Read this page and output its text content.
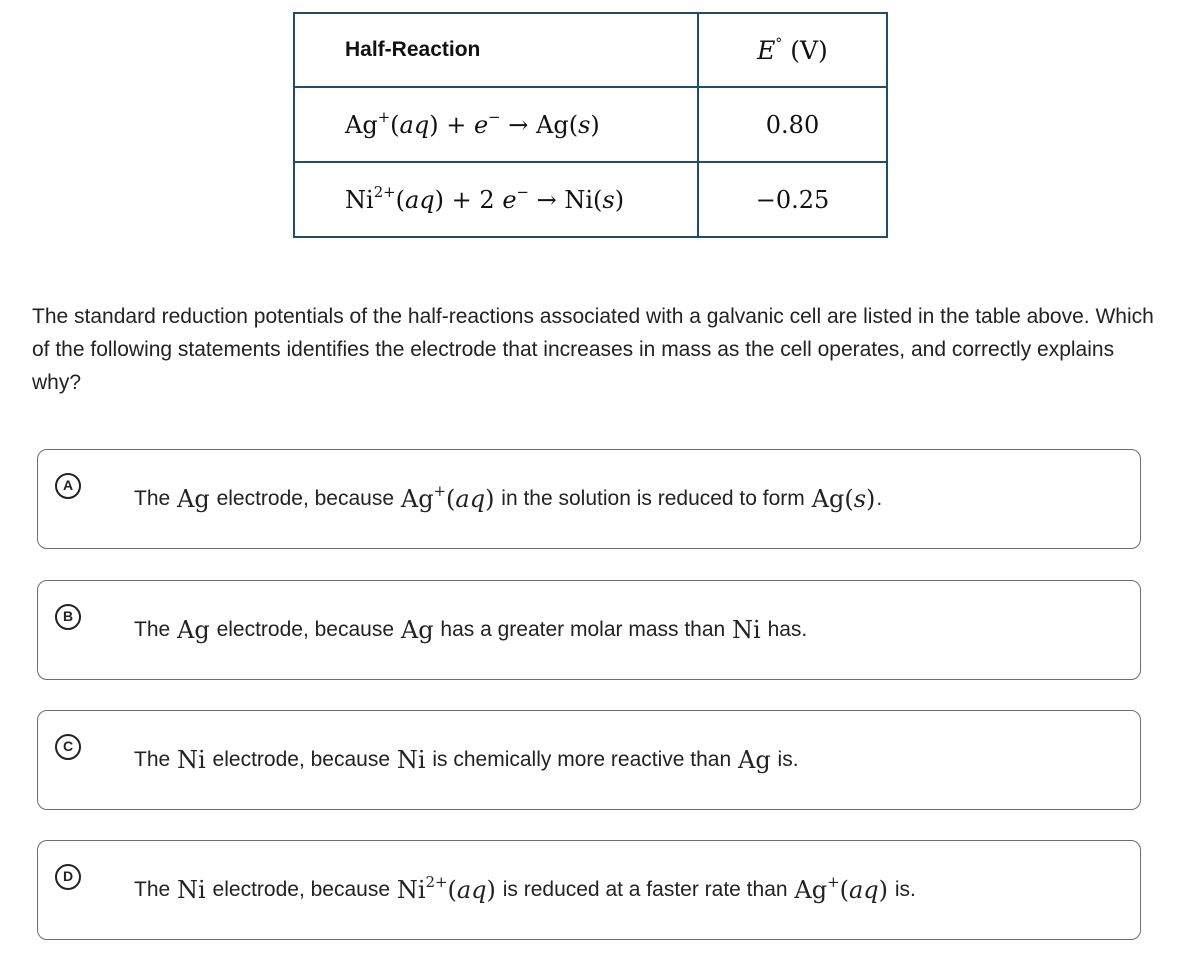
Half-Reaction	E° (V)
Ag+(aq) + e− → Ag(s)	0.80
$Ni^{2+}(aq) + 2$ e− → Ni(s)	−0.25
The standard reduction potentials of the half-reactions associated with a galvanic cell are listed in the table above. Which of the following statements identifies the electrode that increases in mass as the cell operates, and correctly explains why?
A
The Ag electrode, because Ag+(aq) in the solution is reduced to form Ag(s) .
B
The Ag electrode, because Ag has a greater molar mass than Ni has.
C
The Ni electrode, because Ni is chemically more reactive than Ag is.
D
The Ni electrode, because $Ni^{2+}(aq)$ is reduced at a faster rate than Ag+(aq) is.
